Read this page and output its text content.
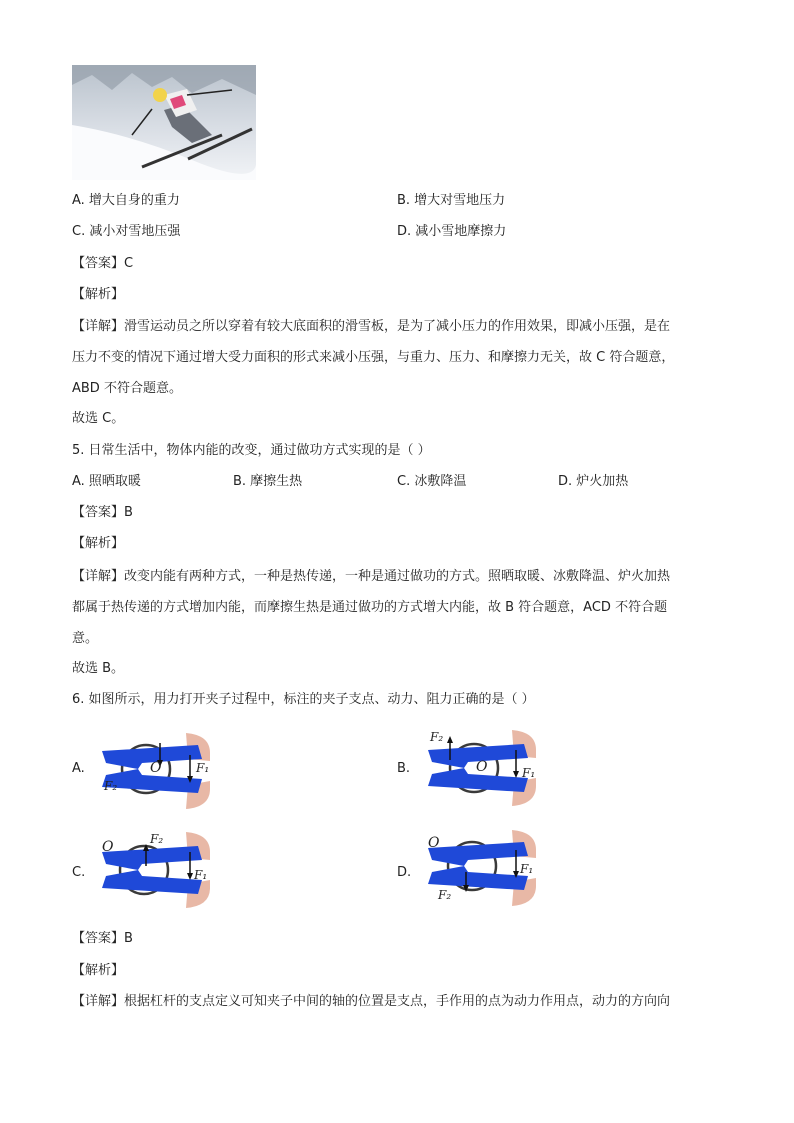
A. 增大自身的重力	B. 增大对雪地压力
C. 减小对雪地压强	D. 减小雪地摩擦力
【答案】C
【解析】
【详解】滑雪运动员之所以穿着有较大底面积的滑雪板，是为了减小压力的作用效果，即减小压强，是在
压力不变的情况下通过增大受力面积的形式来减小压强，与重力、压力、和摩擦力无关，故 C 符合题意，
ABD 不符合题意。
故选 C。
5. 日常生活中，物体内能的改变，通过做功方式实现的是（ ）
A. 照晒取暖	B. 摩擦生热	C. 冰敷降温	D. 炉火加热
【答案】B
【解析】
【详解】改变内能有两种方式，一种是热传递，一种是通过做功的方式。照晒取暖、冰敷降温、炉火加热
都属于热传递的方式增加内能，而摩擦生热是通过做功的方式增大内能，故 B 符合题意，ACD 不符合题
意。
故选 B。
6. 如图所示，用力打开夹子过程中，标注的夹子支点、动力、阻力正确的是（ ）
A.	O	F₁
F₂
B.
F₂
O	F₁
C.
O	F₂
F₁	D.
O
F₁
F₂
【答案】B
【解析】
【详解】根据杠杆的支点定义可知夹子中间的轴的位置是支点，手作用的点为动力作用点，动力的方向向
